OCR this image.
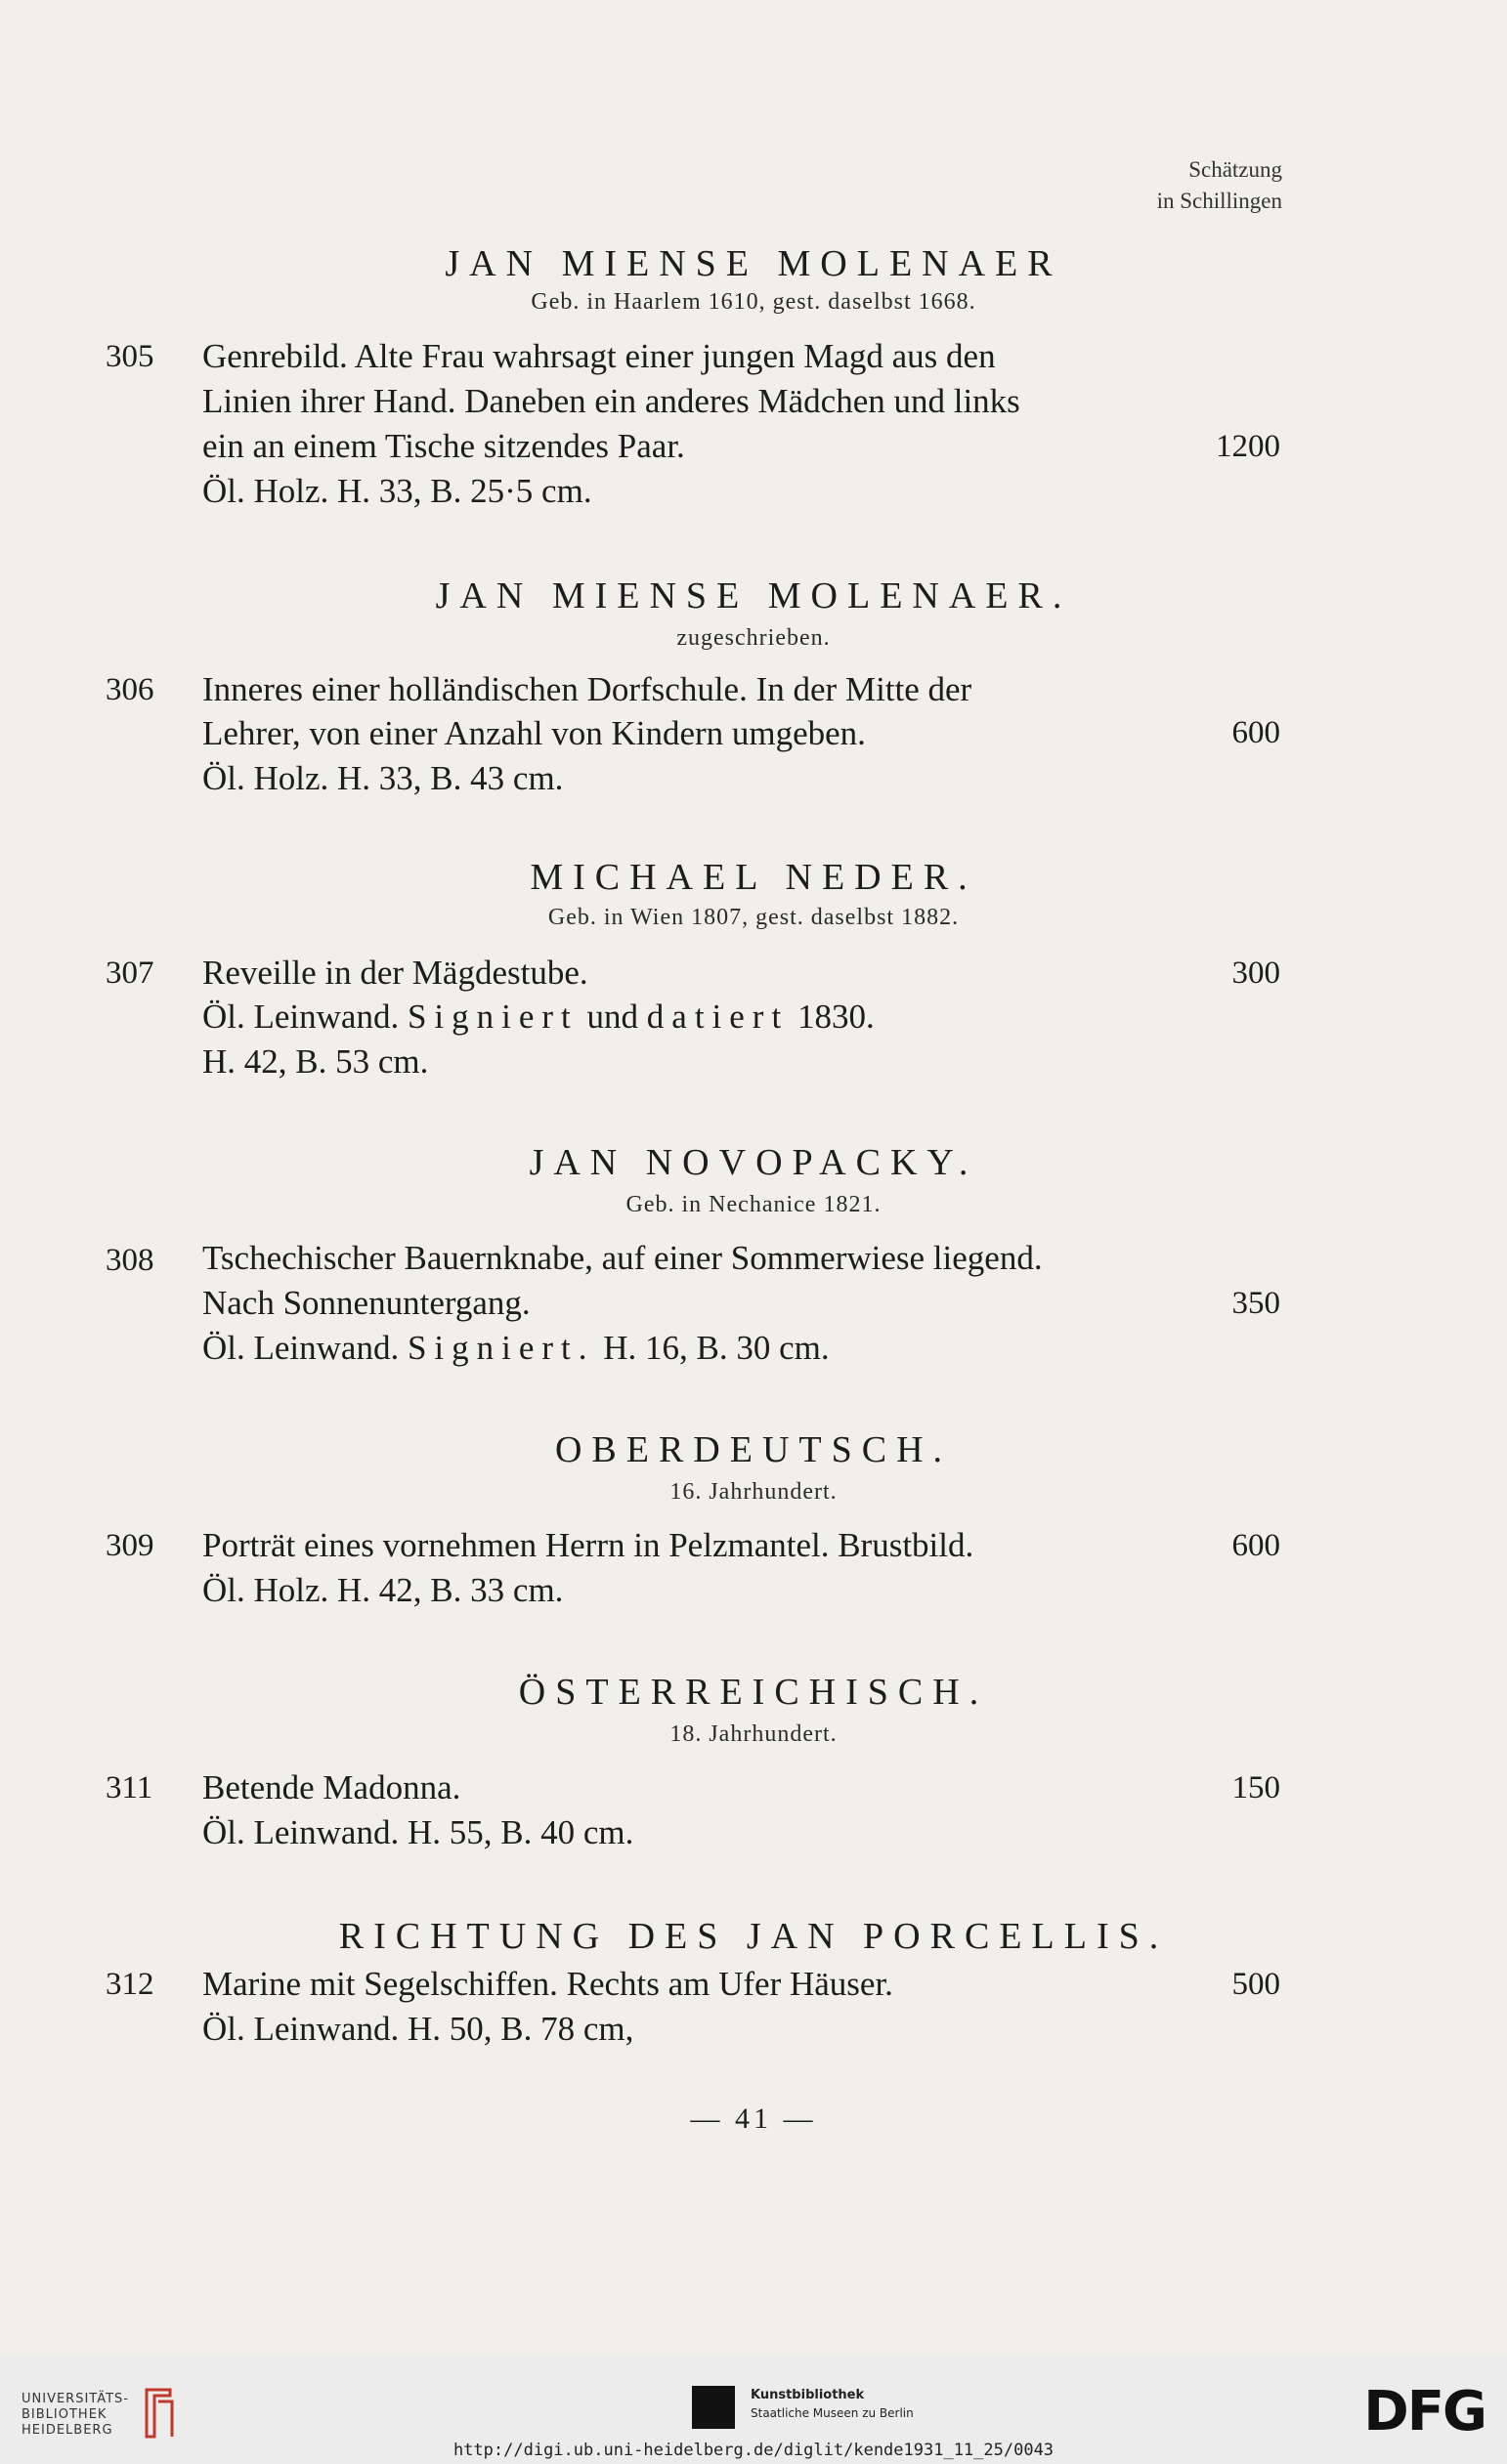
Schätzung
in Schillingen
JAN MIENSE MOLENAER
Geb. in Haarlem 1610, gest. daselbst 1668.
305 Genrebild. Alte Frau wahrsagt einer jungen Magd aus den
Linien ihrer Hand. Daneben ein anderes Mädchen und links
ein an einem Tische sitzendes Paar.	1200
Öl. Holz. H. 33, B. 25·5 cm.
JAN MIENSE MOLENAER.
zugeschrieben.
306 Inneres einer holländischen Dorfschule. In der Mitte der
Lehrer, von einer Anzahl von Kindern umgeben.	600
Öl. Holz. H. 33, B. 43 cm.
MICHAEL NEDER.
Geb. in Wien 1807, gest. daselbst 1882.
307 Reveille in der Mägdestube.	300
Öl. Leinwand. Signiert und datiert 1830.
H. 42, B. 53 cm.
JAN NOVOPACKY.
Geb. in Nechanice 1821.
308 Tschechischer Bauernknabe, auf einer Sommerwiese liegend.
Nach Sonnenuntergang.	350
Öl. Leinwand. Signiert. H. 16, B. 30 cm.
OBERDEUTSCH.
16. Jahrhundert.
309 Porträt eines vornehmen Herrn in Pelzmantel. Brustbild.	600
Öl. Holz. H. 42, B. 33 cm.
ÖSTERREICHISCH.
18. Jahrhundert.
311 Betende Madonna.	150
Öl. Leinwand. H. 55, B. 40 cm.
RICHTUNG DES JAN PORCELLIS.
312 Marine mit Segelschiffen. Rechts am Ufer Häuser.	500
Öl. Leinwand. H. 50, B. 78 cm,
— 41 —
UNIVERSITÄTS-
BIBLIOTHEK
HEIDELBERG
Kunstbibliothek
Staatliche Museen zu Berlin	DFG
http://digi.ub.uni-heidelberg.de/diglit/kende1931_11_25/0043
